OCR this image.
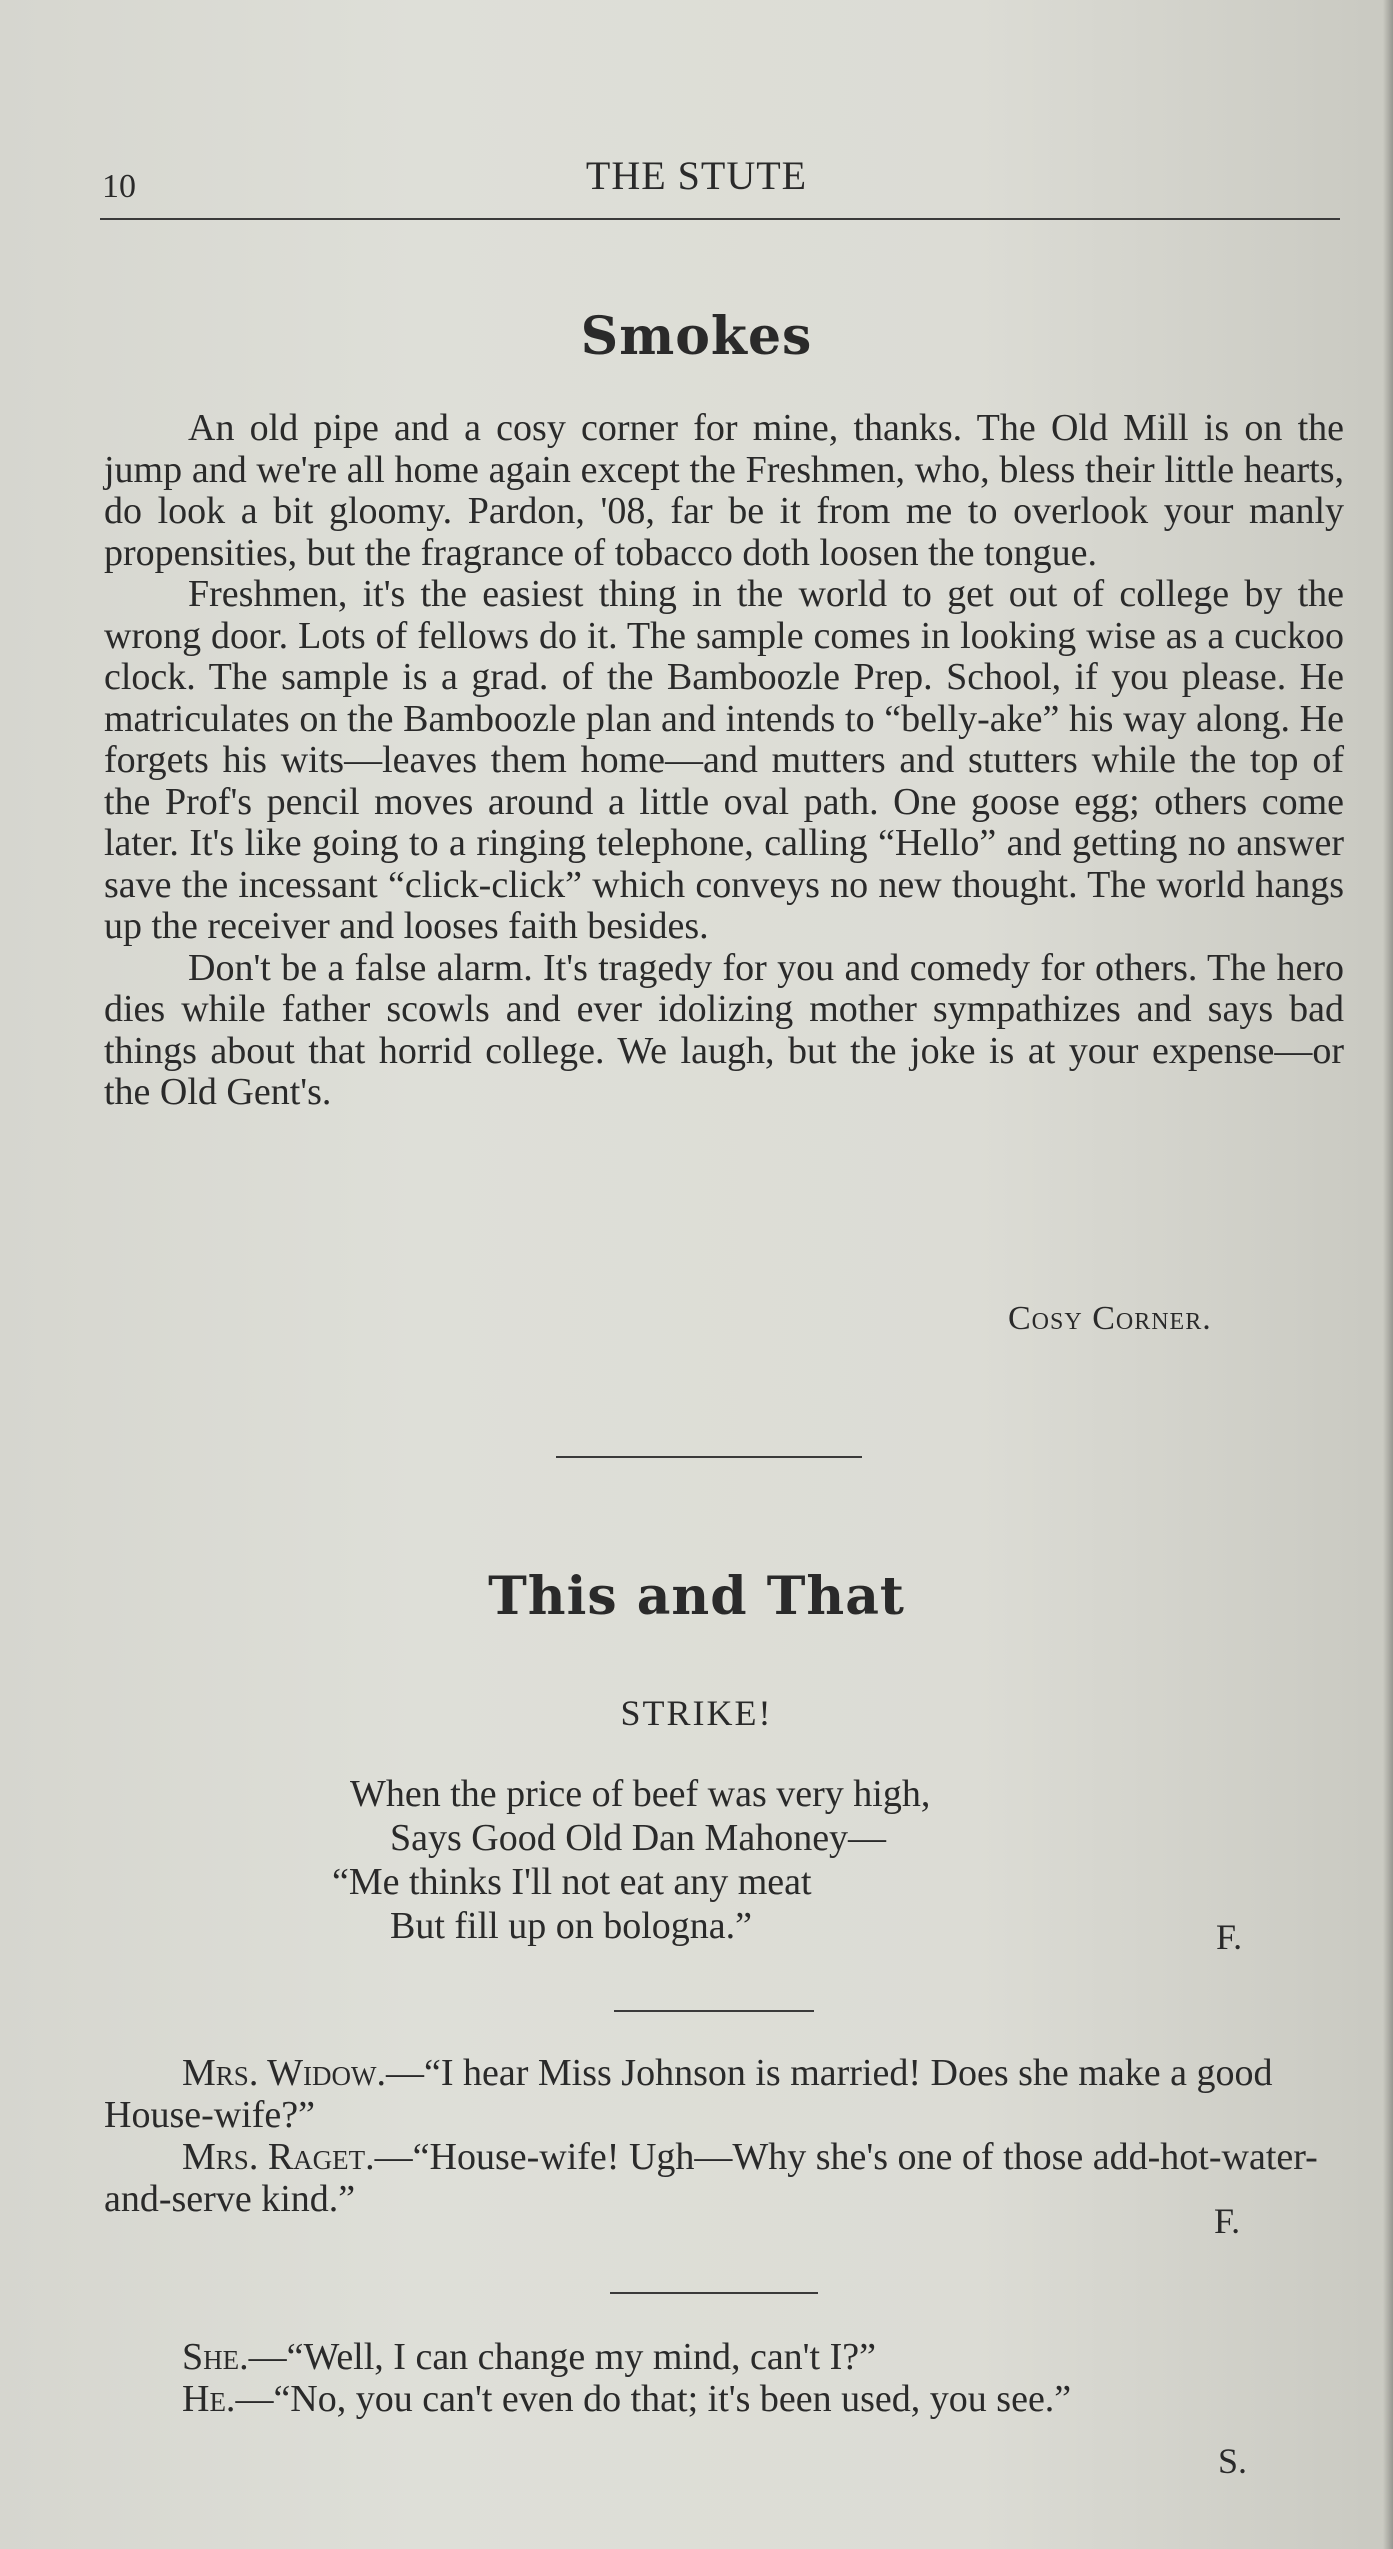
10	THE STUTE
Smokes

An old pipe and a cosy corner for mine, thanks. The Old Mill is on the jump and we're all home again except the Freshmen, who, bless their little hearts, do look a bit gloomy. Pardon, '08, far be it from me to overlook your manly propensities, but the fragrance of tobacco doth loosen the tongue.

Freshmen, it's the easiest thing in the world to get out of college by the wrong door. Lots of fellows do it. The sample comes in looking wise as a cuckoo clock. The sample is a grad. of the Bamboozle Prep. School, if you please. He matriculates on the Bamboozle plan and intends to “belly-ake” his way along. He forgets his wits—leaves them home—and mutters and stutters while the top of the Prof's pencil moves around a little oval path. One goose egg; others come later. It's like going to a ringing telephone, calling “Hello” and getting no answer save the incessant “click-click” which conveys no new thought. The world hangs up the receiver and looses faith besides.

Don't be a false alarm. It's tragedy for you and comedy for others. The hero dies while father scowls and ever idolizing mother sympathizes and says bad things about that horrid college. We laugh, but the joke is at your expense—or the Old Gent's.

Cosy Corner.
This and That
STRIKE!
When the price of beef was very high,
Says Good Old Dan Mahoney—
“Me thinks I'll not eat any meat
But fill up on bologna.”	F.

Mrs. Widow.—“I hear Miss Johnson is married! Does she make a good House-wife?”

Mrs. Raget.—“House-wife! Ugh—Why she's one of those add-hot-water-and-serve kind.”

F.

She.—“Well, I can change my mind, can't I?”

He.—“No, you can't even do that; it's been used, you see.”

S.
